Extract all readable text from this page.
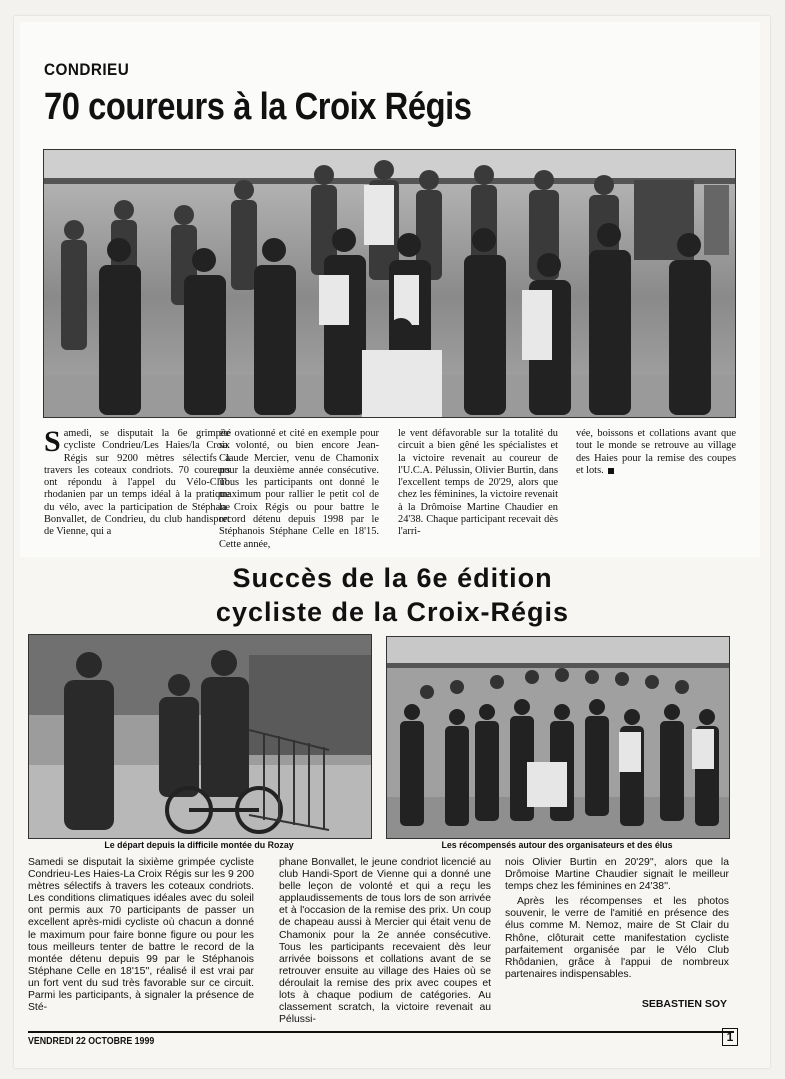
CONDRIEU
70 coureurs à la Croix Régis
Samedi, se disputait la 6e grimpée cycliste Condrieu/Les Haies/la Croix Régis sur 9200 mètres sélectifs à travers les coteaux condriots. 70 coureurs ont répondu à l'appel du Vélo-Club rhodanien par un temps idéal à la pratique du vélo, avec la participation de Stéphane Bonvallet, de Condrieu, du club handisport de Vienne, qui a
été ovationné et cité en exemple pour sa volonté, ou bien encore Jean-Claude Mercier, venu de Chamonix pour la deuxième année consécutive. Tous les participants ont donné le maximum pour rallier le petit col de la Croix Régis ou pour battre le record détenu depuis 1998 par le Stéphanois Stéphane Celle en 18'15. Cette année,
le vent défavorable sur la totalité du circuit a bien gêné les spécialistes et la victoire revenait au coureur de l'U.C.A. Pélussin, Olivier Burtin, dans l'excellent temps de 20'29, alors que chez les féminines, la victoire revenait à la Drômoise Martine Chaudier en 24'38. Chaque participant recevait dès l'arri-
vée, boissons et collations avant que tout le monde se retrouve au village des Haies pour la remise des coupes et lots.
Succès de la 6e édition
cycliste de la Croix-Régis
Le départ depuis la difficile montée du Rozay	Les récompensés autour des organisateurs et des élus
Samedi se disputait la sixième grimpée cycliste Condrieu-Les Haies-La Croix Régis sur les 9 200 mètres sélectifs à travers les coteaux condriots. Les conditions climatiques idéales avec du soleil ont permis aux 70 participants de passer un excellent après-midi cycliste où chacun a donné le maximum pour faire bonne figure ou pour les tous meilleurs tenter de battre le record de la montée détenu depuis 99 par le Stéphanois Stéphane Celle en 18'15'', réalisé il est vrai par un fort vent du sud très favorable sur ce circuit. Parmi les participants, à signaler la présence de Sté-
phane Bonvallet, le jeune condriot licencié au club Handi-Sport de Vienne qui a donné une belle leçon de volonté et qui a reçu les applaudissements de tous lors de son arrivée et à l'occasion de la remise des prix. Un coup de chapeau aussi à Mercier qui était venu de Chamonix pour la 2e année consécutive. Tous les participants recevaient dès leur arrivée boissons et collations avant de se retrouver ensuite au village des Haies où se déroulait la remise des prix avec coupes et lots à chaque podium de catégories. Au classement scratch, la victoire revenait au Pélussi-
nois Olivier Burtin en 20'29'', alors que la Drômoise Martine Chaudier signait le meilleur temps chez les féminines en 24'38''.
Après les récompenses et les photos souvenir, le verre de l'amitié en présence des élus comme M. Nemoz, maire de St Clair du Rhône, clôturait cette manifestation cycliste parfaitement organisée par le Vélo Club Rhôdanien, grâce à l'appui de nombreux partenaires indispensables.
SEBASTIEN SOY
VENDREDI 22 OCTOBRE 1999	1
